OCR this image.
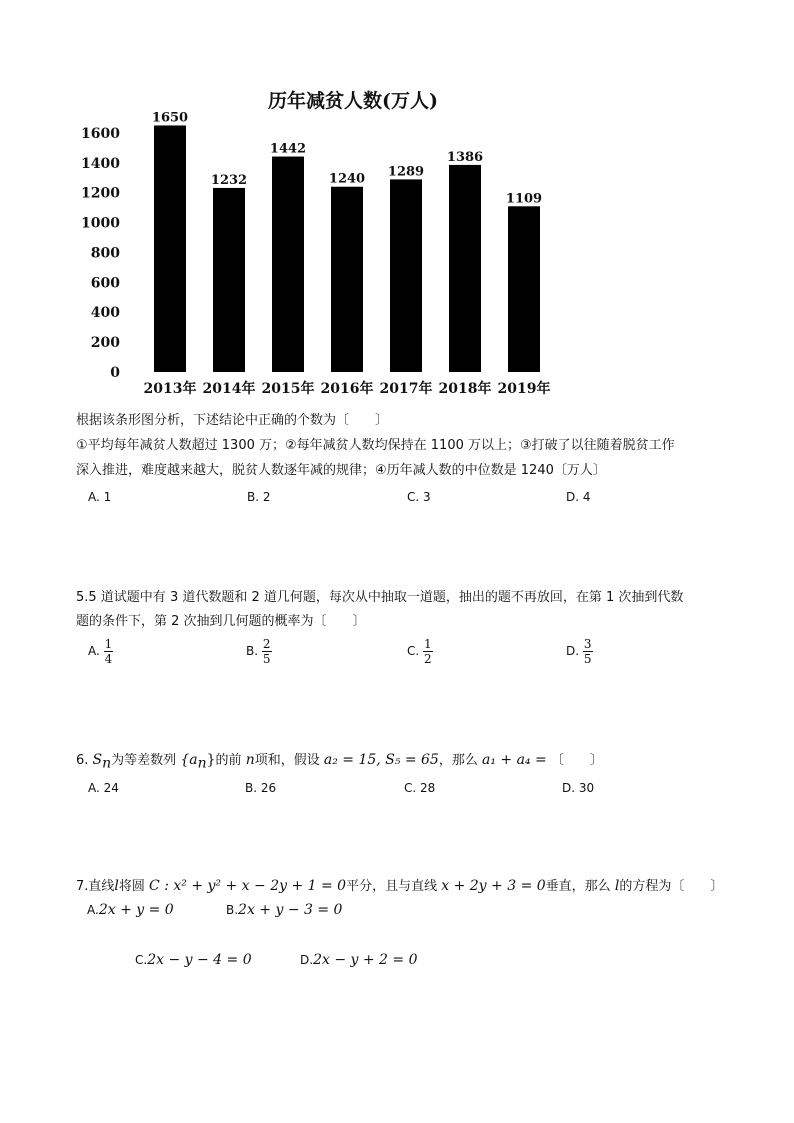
历年减贫人数(万人)
0
200
400
600
800
1000
1200
1400
1600
1650
1232
1442
1240 1289
1386
1109
2013年 2014年 2015年 2016年 2017年 2018年 2019年
根据该条形图分析，下述结论中正确的个数为〔　　〕
①平均每年减贫人数超过 1300 万；②每年减贫人数均保持在 1100 万以上；③打破了以往随着脱贫工作
深入推进，难度越来越大，脱贫人数逐年减的规律；④历年减人数的中位数是 1240〔万人〕
A. 1	B. 2	C. 3	D. 4
5.5 道试题中有 3 道代数题和 2 道几何题，每次从中抽取一道题，抽出的题不再放回，在第 1 次抽到代数
题的条件下，第 2 次抽到几何题的概率为〔　　〕
A. $\frac{1}{4}$	B. $\frac{2}{5}$	C. $\frac{1}{2}$	D. $\frac{3}{5}$
6. $S_n$为等差数列 $\{a_n\}$的前 n项和，假设 a₂ = 15, S₅ = 65，那么 a₁ + a₄ = 〔　　〕
A. 24	B. 26	C. 28	D. 30
7.直线l将圆 C : x² + y² + x − 2y + 1 = 0平分，且与直线 x + 2y + 3 = 0垂直，那么 l的方程为〔　　〕
A.2x + y = 0	B.2x + y − 3 = 0
C.2x − y − 4 = 0	D.2x − y + 2 = 0
